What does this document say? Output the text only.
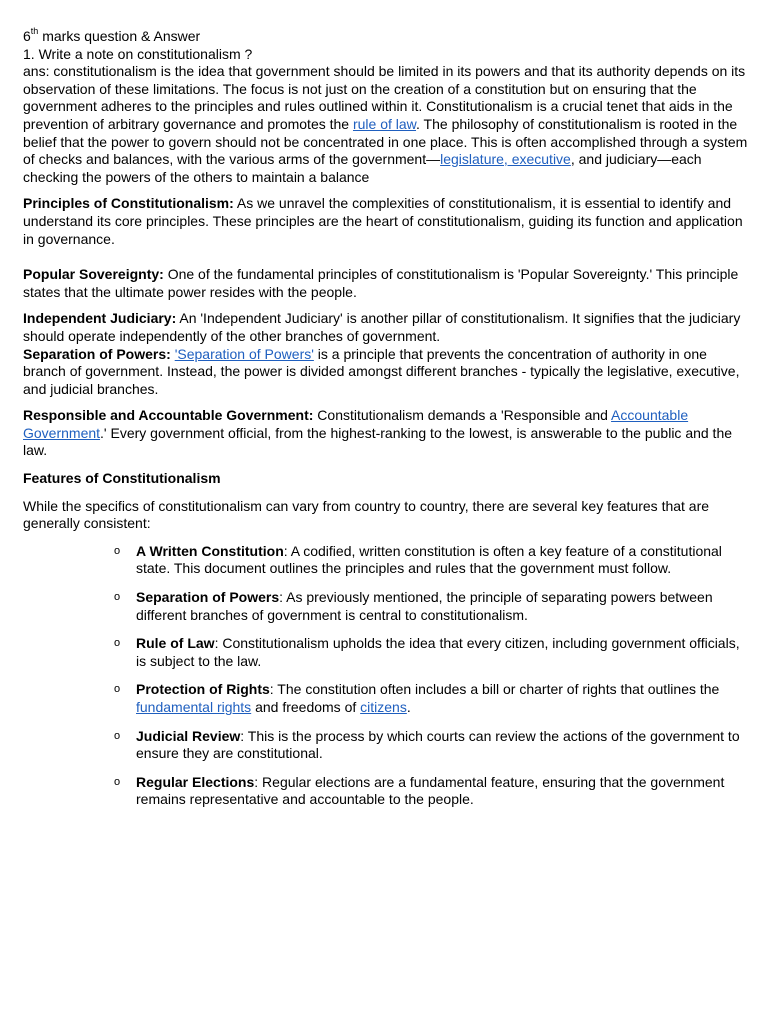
6th marks question & Answer

1. Write a note on constitutionalism ?

ans: constitutionalism is the idea that government should be limited in its powers and that its authority depends on its observation of these limitations. The focus is not just on the creation of a constitution but on ensuring that the government adheres to the principles and rules outlined within it. Constitutionalism is a crucial tenet that aids in the prevention of arbitrary governance and promotes the rule of law. The philosophy of constitutionalism is rooted in the belief that the power to govern should not be concentrated in one place. This is often accomplished through a system of checks and balances, with the various arms of the government—legislature, executive, and judiciary—each checking the powers of the others to maintain a balance

Principles of Constitutionalism: As we unravel the complexities of constitutionalism, it is essential to identify and understand its core principles. These principles are the heart of constitutionalism, guiding its function and application in governance.

Popular Sovereignty: One of the fundamental principles of constitutionalism is 'Popular Sovereignty.' This principle states that the ultimate power resides with the people.

Independent Judiciary: An 'Independent Judiciary' is another pillar of constitutionalism. It signifies that the judiciary should operate independently of the other branches of government.

Separation of Powers: 'Separation of Powers' is a principle that prevents the concentration of authority in one branch of government. Instead, the power is divided amongst different branches - typically the legislative, executive, and judicial branches.

Responsible and Accountable Government: Constitutionalism demands a 'Responsible and Accountable Government.' Every government official, from the highest-ranking to the lowest, is answerable to the public and the law.

Features of Constitutionalism

While the specifics of constitutionalism can vary from country to country, there are several key features that are generally consistent:

o A Written Constitution: A codified, written constitution is often a key feature of a constitutional state. This document outlines the principles and rules that the government must follow.
o Separation of Powers: As previously mentioned, the principle of separating powers between different branches of government is central to constitutionalism.
o Rule of Law: Constitutionalism upholds the idea that every citizen, including government officials, is subject to the law.
o Protection of Rights: The constitution often includes a bill or charter of rights that outlines the fundamental rights and freedoms of citizens.
o Judicial Review: This is the process by which courts can review the actions of the government to ensure they are constitutional.
o Regular Elections: Regular elections are a fundamental feature, ensuring that the government remains representative and accountable to the people.
